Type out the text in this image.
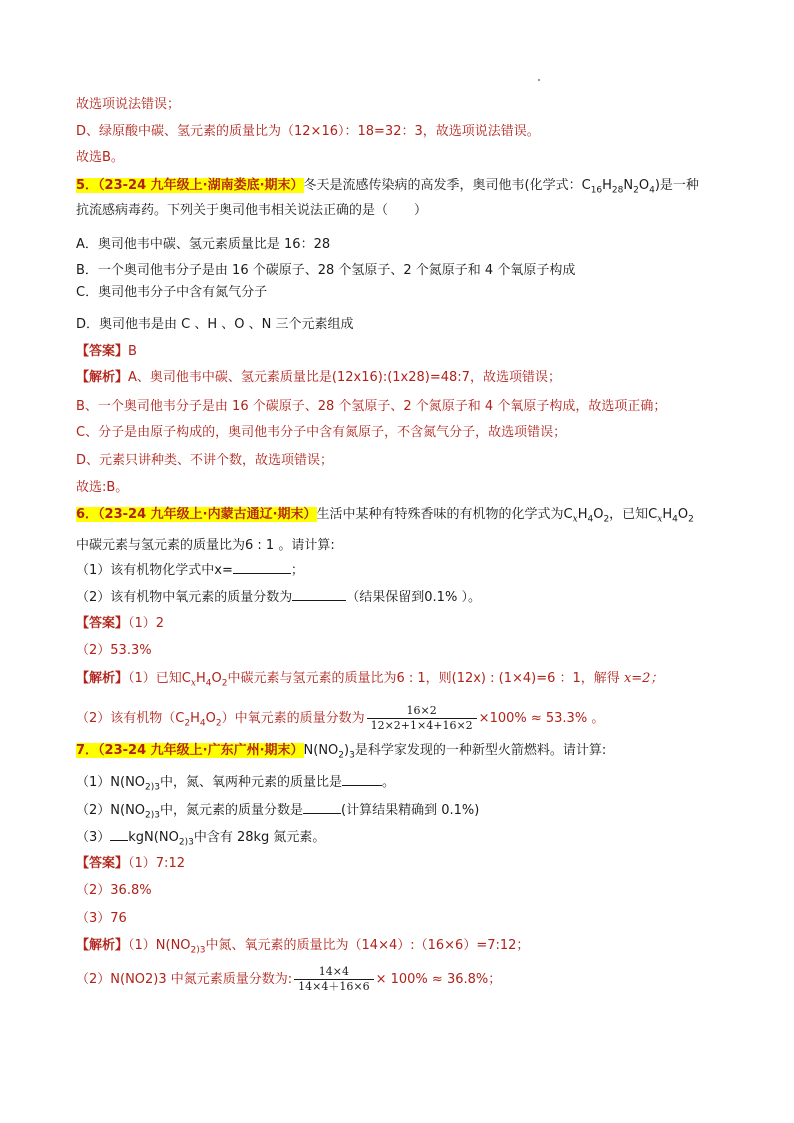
故选项说法错误；
D、绿原酸中碳、氢元素的质量比为（12×16）：18=32：3，故选项说法错误。
故选B。
5．（23-24 九年级上·湖南娄底·期末）冬天是流感传染病的高发季，奥司他韦(化学式：$C_{16}H_{28}N_2O_4$)是一种
抗流感病毒药。下列关于奥司他韦相关说法正确的是（　　）
A．奥司他韦中碳、氢元素质量比是 16：28
B．一个奥司他韦分子是由 16 个碳原子、28 个氢原子、2 个氮原子和 4 个氧原子构成
C．奥司他韦分子中含有氮气分子
D．奥司他韦是由 C 、H 、O 、N 三个元素组成
【答案】B
【解析】A、奥司他韦中碳、氢元素质量比是(12x16):(1x28)=48:7，故选项错误；
B、一个奥司他韦分子是由 16 个碳原子、28 个氢原子、2 个氮原子和 4 个氧原子构成，故选项正确；
C、分子是由原子构成的，奥司他韦分子中含有氮原子，不含氮气分子，故选项错误；
D、元素只讲种类、不讲个数，故选项错误；
故选:B。
6．（23-24 九年级上·内蒙古通辽·期末）生活中某种有特殊香味的有机物的化学式为$C_xH_4O_2$，已知$C_xH_4O_2$
中碳元素与氢元素的质量比为6 : 1 。请计算:
（1）该有机物化学式中x=	；
（2）该有机物中氧元素的质量分数为	（结果保留到0.1% ）。
【答案】（1）2
（2）53.3%
【解析】（1）已知$C_xH_4O_2$中碳元素与氢元素的质量比为6 : 1，则(12x) : (1×4)=6 ：1，解得 x=2；
（2）该有机物$(C_2H_4O_2)$中氧元素的质量分数为 $\frac{16\times 2}{12\times 2+1\times 4+16\times 2} \times 100\% \approx 53.3\%$ 。
7．（23-24 九年级上·广东广州·期末）$N(NO_2)_3$是科学家发现的一种新型火箭燃料。请计算:
$(1)N(NO_{2)3}$中，氮、氧两种元素的质量比是	。
$(2)N(NO_{2)3}$中，氮元素的质量分数是	(计算结果精确到 0.1%)
（3） $kgN(NO_{2)3}$中含有 28kg 氮元素。
【答案】（1）7:12
（2）36.8%
（3）76
【解析】$(1)N(NO_{2)3}$中氮、氧元素的质量比为（14×4）:（16×6）=7:12；
（2）N(NO2)3 中氮元素质量分数为: $\frac{14\times 4}{14\times 4+16\times 6} \times 100\% \approx 36.8\%$；
